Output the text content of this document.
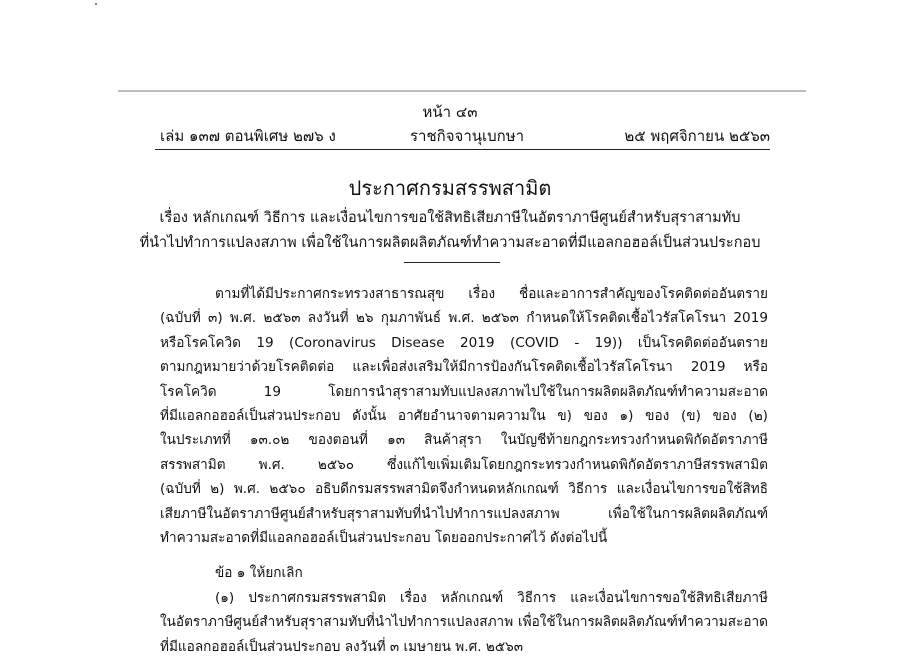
หน้า ๔๓
เล่ม ๑๓๗ ตอนพิเศษ ๒๗๖ ง	ราชกิจจานุเบกษา	๒๕ พฤศจิกายน ๒๕๖๓
ประกาศกรมสรรพสามิต
เรื่อง หลักเกณฑ์ วิธีการ และเงื่อนไขการขอใช้สิทธิเสียภาษีในอัตราภาษีศูนย์สำหรับสุราสามทับ
ที่นำไปทำการแปลงสภาพ เพื่อใช้ในการผลิตผลิตภัณฑ์ทำความสะอาดที่มีแอลกอฮอล์เป็นส่วนประกอบ
ตามที่ได้มีประกาศกระทรวงสาธารณสุข เรื่อง ชื่อและอาการสำคัญของโรคติดต่ออันตราย
(ฉบับที่ ๓) พ.ศ. ๒๕๖๓ ลงวันที่ ๒๖ กุมภาพันธ์ พ.ศ. ๒๕๖๓ กำหนดให้โรคติดเชื้อไวรัสโคโรนา 2019
หรือโรคโควิด 19 (Coronavirus Disease 2019 (COVID - 19)) เป็นโรคติดต่ออันตราย
ตามกฎหมายว่าด้วยโรคติดต่อ และเพื่อส่งเสริมให้มีการป้องกันโรคติดเชื้อไวรัสโคโรนา 2019 หรือ
โรคโควิด 19 โดยการนำสุราสามทับแปลงสภาพไปใช้ในการผลิตผลิตภัณฑ์ทำความสะอาด
ที่มีแอลกอฮอล์เป็นส่วนประกอบ ดังนั้น อาศัยอำนาจตามความใน ข) ของ ๑) ของ (ข) ของ (๒)
ในประเภทที่ ๑๓.๐๒ ของตอนที่ ๑๓ สินค้าสุรา ในบัญชีท้ายกฎกระทรวงกำหนดพิกัดอัตราภาษี
สรรพสามิต พ.ศ. ๒๕๖๐ ซึ่งแก้ไขเพิ่มเติมโดยกฎกระทรวงกำหนดพิกัดอัตราภาษีสรรพสามิต
(ฉบับที่ ๒) พ.ศ. ๒๕๖๐ อธิบดีกรมสรรพสามิตจึงกำหนดหลักเกณฑ์ วิธีการ และเงื่อนไขการขอใช้สิทธิ
เสียภาษีในอัตราภาษีศูนย์สำหรับสุราสามทับที่นำไปทำการแปลงสภาพ เพื่อใช้ในการผลิตผลิตภัณฑ์
ทำความสะอาดที่มีแอลกอฮอล์เป็นส่วนประกอบ โดยออกประกาศไว้ ดังต่อไปนี้
ข้อ ๑ ให้ยกเลิก
(๑) ประกาศกรมสรรพสามิต เรื่อง หลักเกณฑ์ วิธีการ และเงื่อนไขการขอใช้สิทธิเสียภาษี
ในอัตราภาษีศูนย์สำหรับสุราสามทับที่นำไปทำการแปลงสภาพ เพื่อใช้ในการผลิตผลิตภัณฑ์ทำความสะอาด
ที่มีแอลกอฮอล์เป็นส่วนประกอบ ลงวันที่ ๓ เมษายน พ.ศ. ๒๕๖๓
